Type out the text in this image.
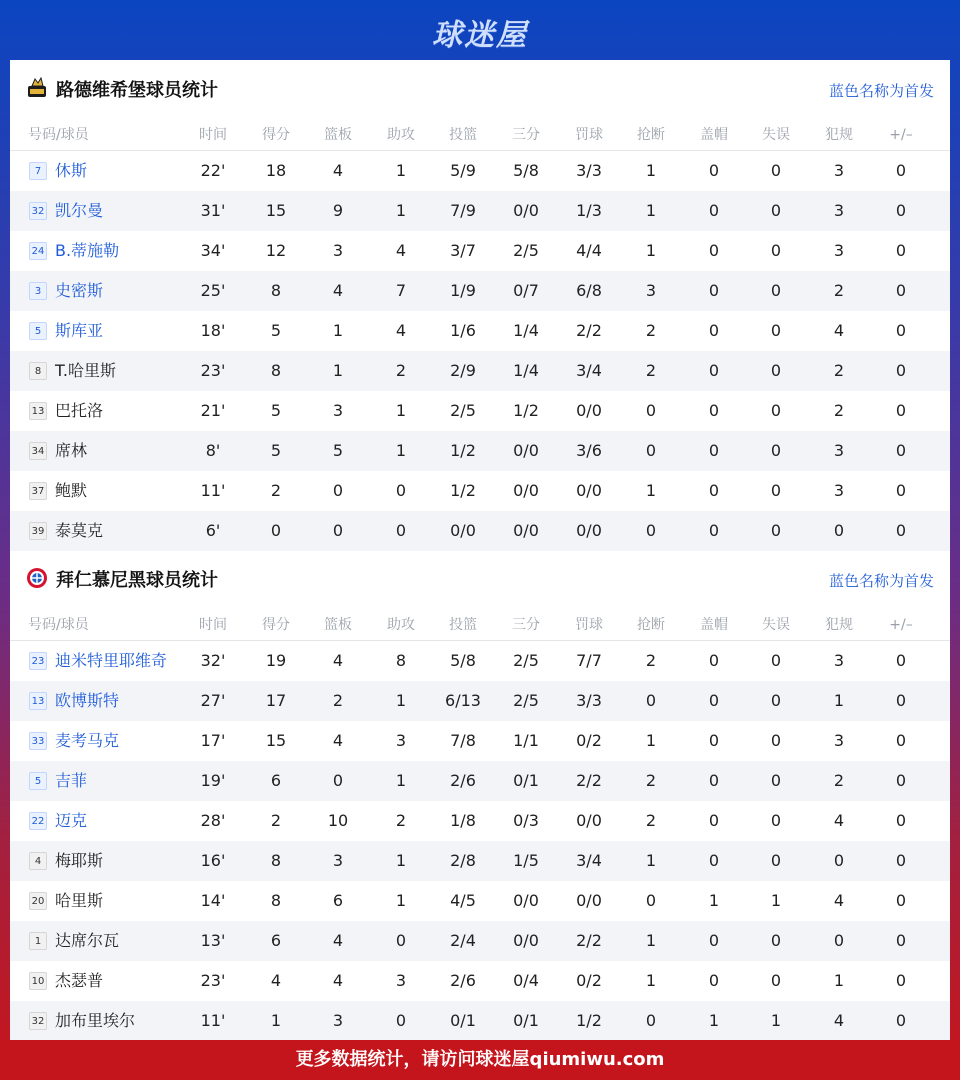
球迷屋
路德维希堡球员统计	蓝色名称为首发
号码/球员	时间	得分	篮板	助攻	投篮	三分	罚球	抢断	盖帽	失误	犯规	+/–
7 休斯	22'	18	4	1	5/9	5/8	3/3	1	0	0	3	0
32 凯尔曼	31'	15	9	1	7/9	0/0	1/3	1	0	0	3	0
24 B.蒂施勒	34'	12	3	4	3/7	2/5	4/4	1	0	0	3	0
3 史密斯	25'	8	4	7	1/9	0/7	6/8	3	0	0	2	0
5 斯库亚	18'	5	1	4	1/6	1/4	2/2	2	0	0	4	0
8 T.哈里斯	23'	8	1	2	2/9	1/4	3/4	2	0	0	2	0
13 巴托洛	21'	5	3	1	2/5	1/2	0/0	0	0	0	2	0
34 席林	8'	5	5	1	1/2	0/0	3/6	0	0	0	3	0
37 鲍默	11'	2	0	0	1/2	0/0	0/0	1	0	0	3	0
39 泰莫克	6'	0	0	0	0/0	0/0	0/0	0	0	0	0	0
拜仁慕尼黑球员统计	蓝色名称为首发
号码/球员	时间	得分	篮板	助攻	投篮	三分	罚球	抢断	盖帽	失误	犯规	+/–
23 迪米特里耶维奇	32'	19	4	8	5/8	2/5	7/7	2	0	0	3	0
13 欧博斯特	27'	17	2	1	6/13	2/5	3/3	0	0	0	1	0
33 麦考马克	17'	15	4	3	7/8	1/1	0/2	1	0	0	3	0
5 吉菲	19'	6	0	1	2/6	0/1	2/2	2	0	0	2	0
22 迈克	28'	2	10	2	1/8	0/3	0/0	2	0	0	4	0
4 梅耶斯	16'	8	3	1	2/8	1/5	3/4	1	0	0	0	0
20 哈里斯	14'	8	6	1	4/5	0/0	0/0	0	1	1	4	0
1 达席尔瓦	13'	6	4	0	2/4	0/0	2/2	1	0	0	0	0
10 杰瑟普	23'	4	4	3	2/6	0/4	0/2	1	0	0	1	0
32 加布里埃尔	11'	1	3	0	0/1	0/1	1/2	0	1	1	4	0
更多数据统计，请访问球迷屋qiumiwu.com
